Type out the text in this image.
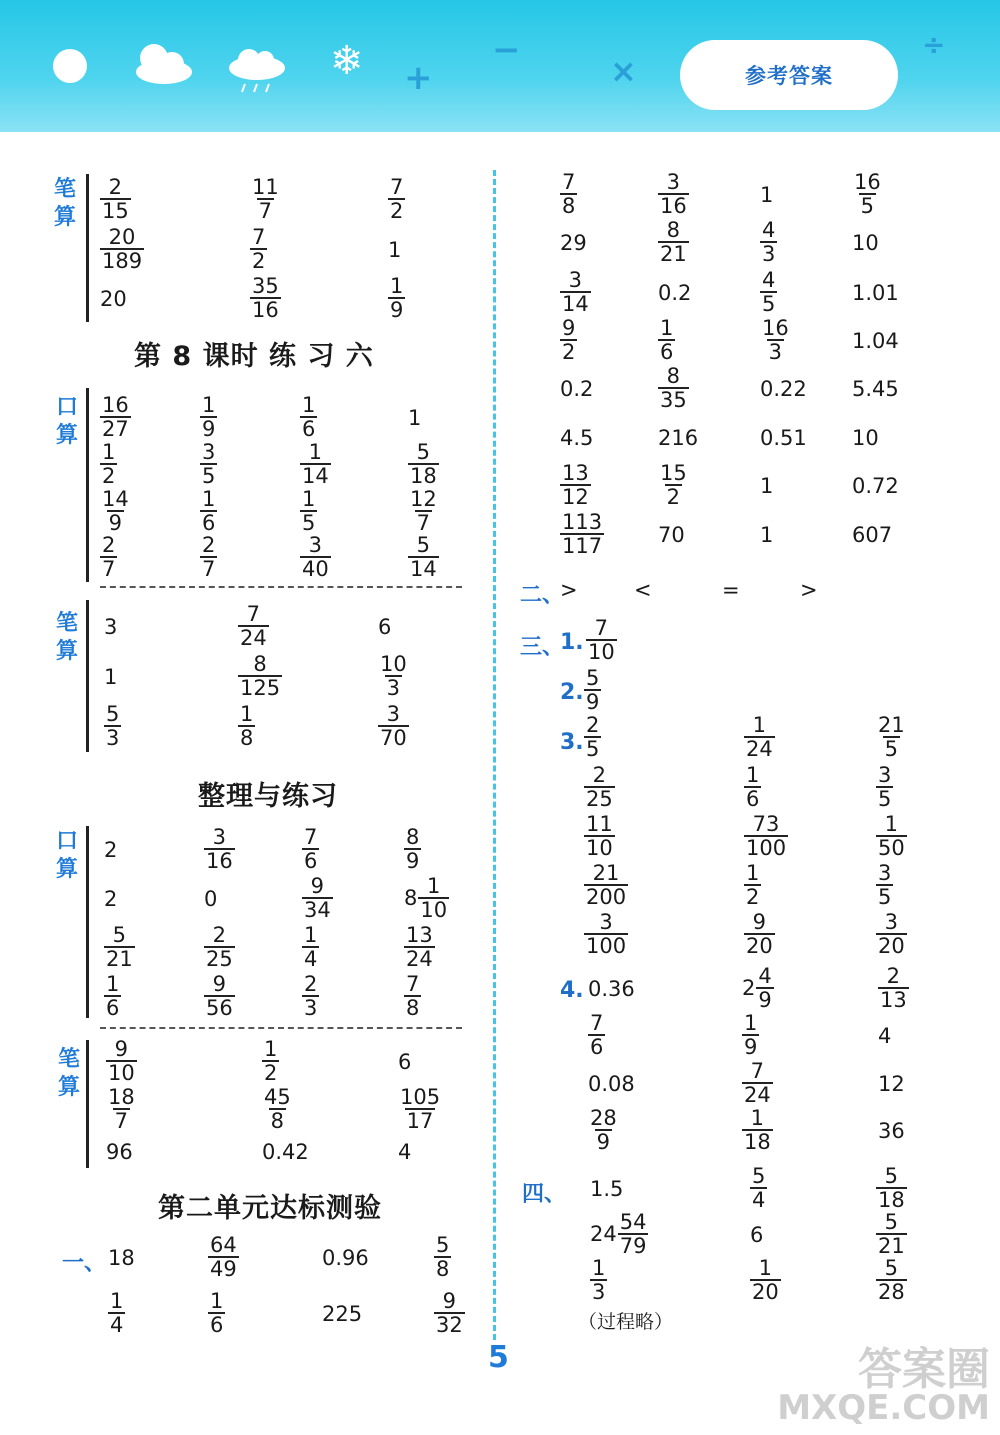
❄ +
−
×
÷
参考答案
笔算
第 8 课时 练 习 六
口算
笔算
整理与练习
口算
笔算
第二单元达标测验
一、
二、
>	<	=	>
三、
1.
2.
3.
4.
四、
（过程略）
5	答案圈
MXQE.COM
$\frac{2}{15}$	$\frac{11}{7}$	$\frac{7}{2}$
$\frac{20}{189}$	$\frac{7}{2}$	1
20	$\frac{35}{16}$	$\frac{1}{9}$
$\frac{16}{27}$	$\frac{1}{9}$	$\frac{1}{6}$	1
$\frac{1}{2}$	$\frac{3}{5}$	$\frac{1}{14}$	$\frac{5}{18}$
$\frac{14}{9}$	$\frac{1}{6}$	$\frac{1}{5}$	$\frac{12}{7}$
$\frac{2}{7}$	$\frac{2}{7}$	$\frac{3}{40}$	$\frac{5}{14}$
3	$\frac{7}{24}$	6
1	$\frac{8}{125}$	$\frac{10}{3}$
$\frac{5}{3}$	$\frac{1}{8}$	$\frac{3}{70}$
2	$\frac{3}{16}$	$\frac{7}{6}$	$\frac{8}{9}$
2	0	$\frac{9}{34}$	$8 \frac{1}{10}$
$\frac{5}{21}$	$\frac{2}{25}$	$\frac{1}{4}$	$\frac{13}{24}$
$\frac{1}{6}$	$\frac{9}{56}$	$\frac{2}{3}$	$\frac{7}{8}$
$\frac{9}{10}$	$\frac{1}{2}$	6
$\frac{18}{7}$	$\frac{45}{8}$	$\frac{105}{17}$
96	0.42	4
18	$\frac{64}{49}$	0.96	$\frac{5}{8}$
$\frac{1}{4}$	$\frac{1}{6}$	225	$\frac{9}{32}$
$\frac{7}{8}$	$\frac{3}{16}$	1	$\frac{16}{5}$
29	$\frac{8}{21}$	$\frac{4}{3}$	10
$\frac{3}{14}$	0.2	$\frac{4}{5}$	1.01
$\frac{9}{2}$	$\frac{1}{6}$	$\frac{16}{3}$	1.04
0.2	$\frac{8}{35}$	0.22 5.45
4.5	216	0.51 10
$\frac{13}{12}$	$\frac{15}{2}$	1	0.72
$\frac{113}{117}$	70	1	607
$\frac{2}{5}$	$\frac{1}{24}$	$\frac{21}{5}$
$\frac{2}{25}$	$\frac{1}{6}$	$\frac{3}{5}$
$\frac{11}{10}$	$\frac{73}{100}$	$\frac{1}{50}$
$\frac{21}{200}$	$\frac{1}{2}$	$\frac{3}{5}$
$\frac{3}{100}$	$\frac{9}{20}$	$\frac{3}{20}$
0.36	$2 \frac{4}{9}$	$\frac{2}{13}$
$\frac{7}{6}$	$\frac{1}{9}$	4
0.08	$\frac{7}{24}$	12
$\frac{28}{9}$	$\frac{1}{18}$	36
1.5	$\frac{5}{4}$	$\frac{5}{18}$
$24 \frac{54}{79}$	6	$\frac{5}{21}$
$\frac{1}{3}$	$\frac{1}{20}$	$\frac{5}{28}$
$\frac{7}{10}$
$\frac{5}{9}$
